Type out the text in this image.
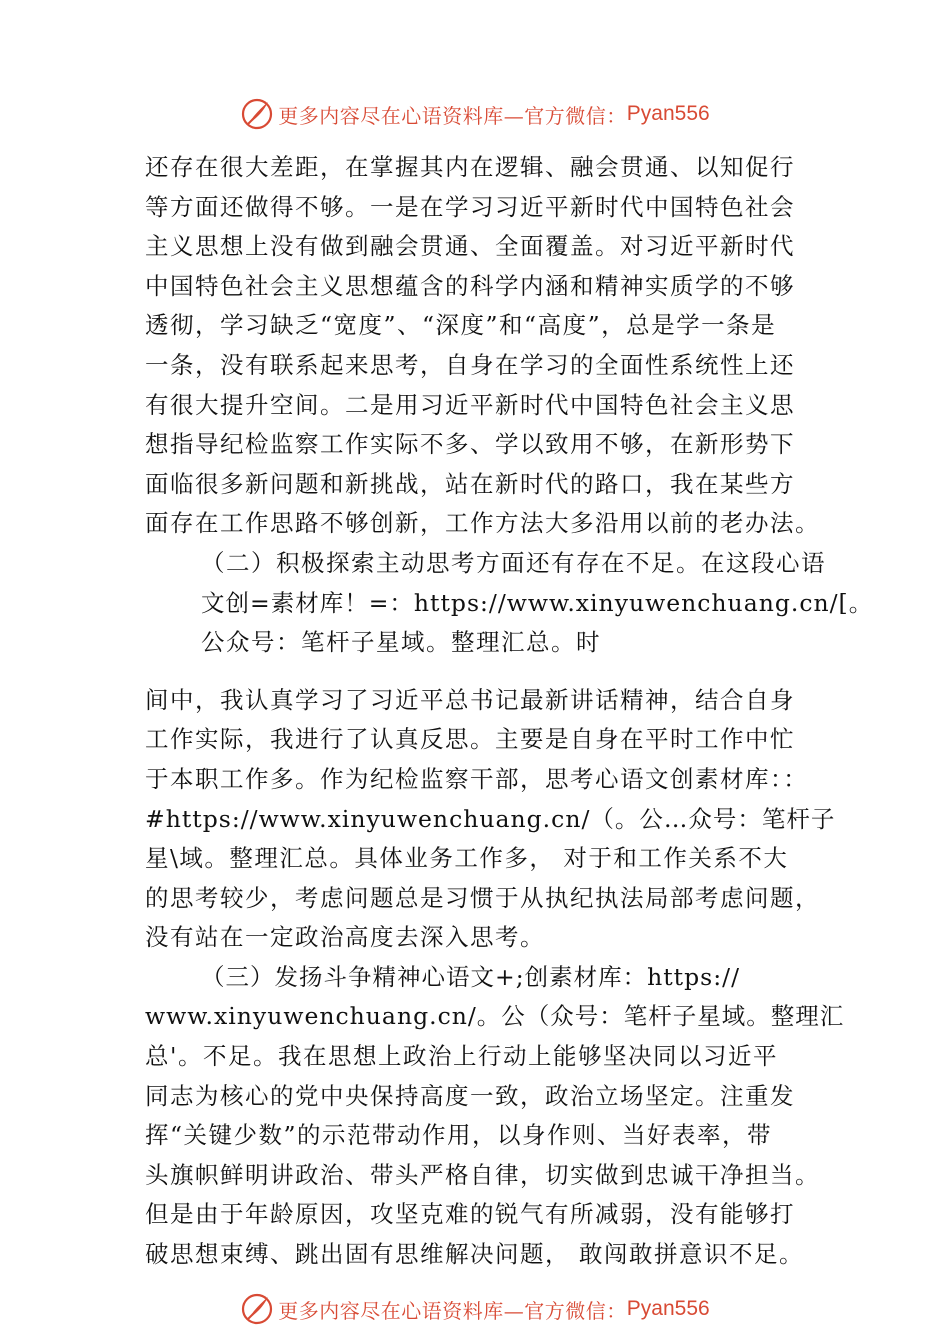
更多内容尽在心语资料库—官方微信： Pyan556
还存在很大差距，在掌握其内在逻辑、融会贯通、以知促行
等方面还做得不够。一是在学习习近平新时代中国特色社会
主义思想上没有做到融会贯通、全面覆盖。对习近平新时代
中国特色社会主义思想蕴含的科学内涵和精神实质学的不够
透彻，学习缺乏“宽度”、“深度”和“高度”，总是学一条是
一条，没有联系起来思考，自身在学习的全面性系统性上还
有很大提升空间。二是用习近平新时代中国特色社会主义思
想指导纪检监察工作实际不多、学以致用不够，在新形势下
面临很多新问题和新挑战，站在新时代的路口，我在某些方
面存在工作思路不够创新，工作方法大多沿用以前的老办法。
（二）积极探索主动思考方面还有存在不足。在这段心语
文创=素材库！=：https://www.xinyuwenchuang.cn/[。
公众号：笔杆子星域。整理汇总。时
间中，我认真学习了习近平总书记最新讲话精神，结合自身
工作实际，我进行了认真反思。主要是自身在平时工作中忙
于本职工作多。作为纪检监察干部，思考心语文创素材库：：
#https://www.xinyuwenchuang.cn/（。公…众号：笔杆子
星\域。整理汇总。具体业务工作多， 对于和工作关系不大
的思考较少，考虑问题总是习惯于从执纪执法局部考虑问题，
没有站在一定政治高度去深入思考。
（三）发扬斗争精神心语文+;创素材库：https://
www.xinyuwenchuang.cn/。公（众号：笔杆子星域。整理汇
总'。不足。我在思想上政治上行动上能够坚决同以习近平
同志为核心的党中央保持高度一致，政治立场坚定。注重发
挥“关键少数”的示范带动作用，以身作则、当好表率，带
头旗帜鲜明讲政治、带头严格自律，切实做到忠诚干净担当。
但是由于年龄原因，攻坚克难的锐气有所减弱，没有能够打
破思想束缚、跳出固有思维解决问题， 敢闯敢拼意识不足。
更多内容尽在心语资料库—官方微信： Pyan556
